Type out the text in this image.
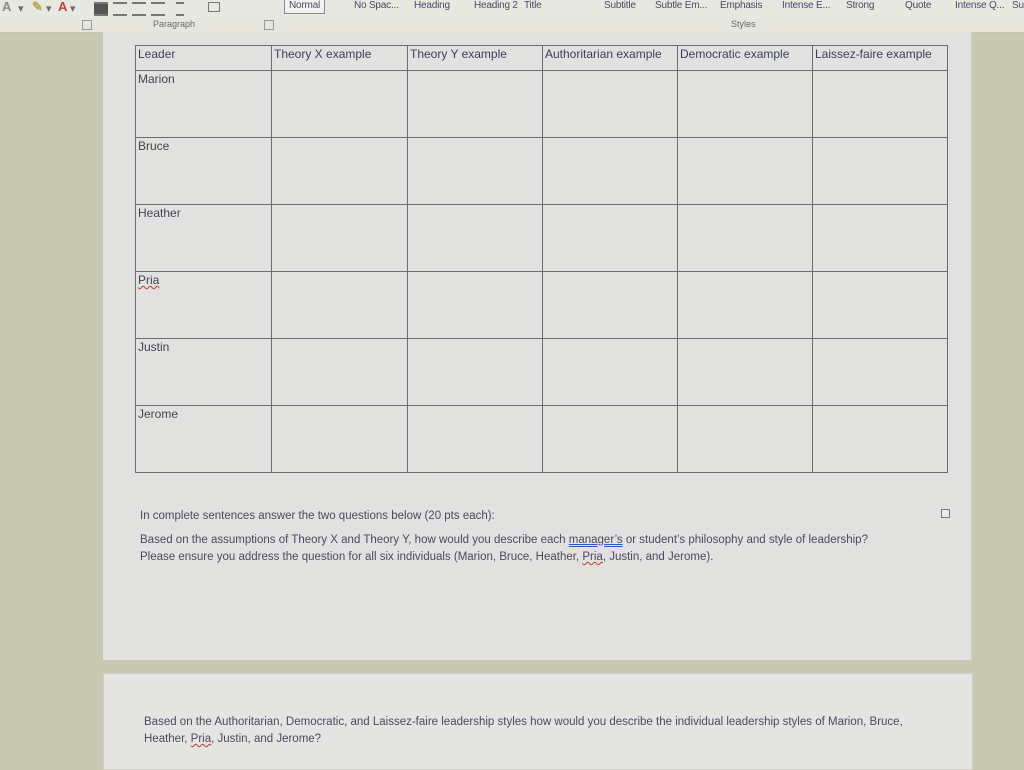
A ▾ ✎ ▾ A ▾	Normal	No Spac... Heading Heading 2 Title	Subtitle Subtle Em... Emphasis Intense E... Strong	Quote Intense Q... Su
Paragraph	Styles
Leader	Theory X example	Theory Y example	Authoritarian example	Democratic example	Laissez-faire example
Marion					
Bruce					
Heather					
Pria					
Justin					
Jerome					
In complete sentences answer the two questions below (20 pts each):
Based on the assumptions of Theory X and Theory Y, how would you describe each manager’s or student’s philosophy and style of leadership? Please ensure you address the question for all six individuals (Marion, Bruce, Heather, Pria, Justin, and Jerome).
Based on the Authoritarian, Democratic, and Laissez-faire leadership styles how would you describe the individual leadership styles of Marion, Bruce, Heather, Pria, Justin, and Jerome?
